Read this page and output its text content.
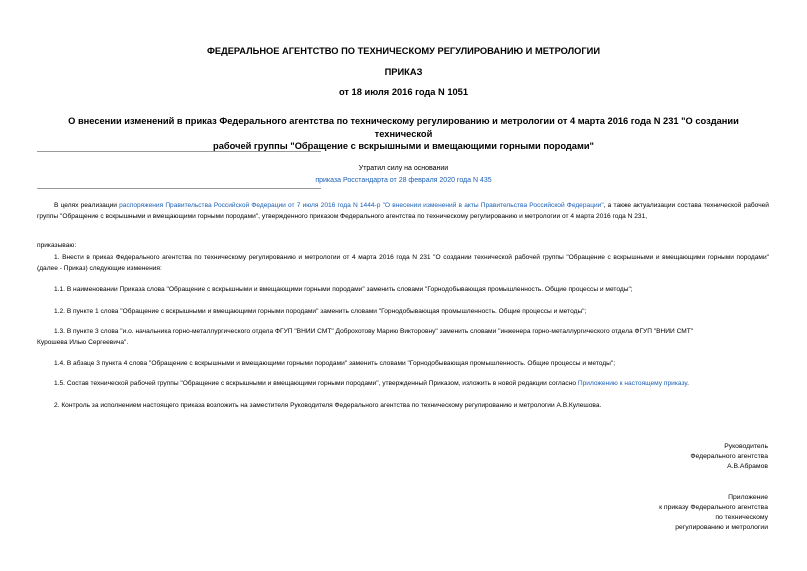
ФЕДЕРАЛЬНОЕ АГЕНТСТВО ПО ТЕХНИЧЕСКОМУ РЕГУЛИРОВАНИЮ И МЕТРОЛОГИИ
ПРИКАЗ
от 18 июля 2016 года N 1051
О внесении изменений в приказ Федерального агентства по техническому регулированию и метрологии от 4 марта 2016 года N 231 "О создании технической
рабочей группы "Обращение с вскрышными и вмещающими горными породами"
Утратил силу на основании
приказа Росстандарта от 28 февраля 2020 года N 435
В целях реализации распоряжения Правительства Российской Федерации от 7 июля 2016 года N 1444-р "О внесении изменений в акты Правительства Российской Федерации", а также актуализации состава технической рабочей группы "Обращение с вскрышными и вмещающими горными породами", утвержденного приказом Федерального агентства по техническому регулированию и метрологии от 4 марта 2016 года N 231,
приказываю:
1. Внести в приказ Федерального агентства по техническому регулированию и метрологии от 4 марта 2016 года N 231 "О создании технической рабочей группы "Обращение с вскрышными и вмещающими горными породами" (далее - Приказ) следующие изменения:
1.1. В наименовании Приказа слова "Обращение с вскрышными и вмещающими горными породами" заменить словами "Горнодобывающая промышленность. Общие процессы и методы";
1.2. В пункте 1 слова "Обращение с вскрышными и вмещающими горными породами" заменить словами "Горнодобывающая промышленность. Общие процессы и методы";
1.3. В пункте 3 слова "и.о. начальника горно-металлургического отдела ФГУП "ВНИИ СМТ" Доброхотову Марию Викторовну" заменить словами "инженера горно-металлургического отдела ФГУП "ВНИИ СМТ"
Курошева Илью Сергеевича".
1.4. В абзаце 3 пункта 4 слова "Обращение с вскрышными и вмещающими горными породами" заменить словами "Горнодобывающая промышленность. Общие процессы и методы";
1.5. Состав технической рабочей группы "Обращение с вскрышными и вмещающими горными породами", утвержденный Приказом, изложить в новой редакции согласно Приложению к настоящему приказу.
2. Контроль за исполнением настоящего приказа возложить на заместителя Руководителя Федерального агентства по техническому регулированию и метрологии А.В.Кулешова.
Руководитель
Федерального агентства
А.В.Абрамов
Приложение
к приказу Федерального агентства
по техническому
регулированию и метрологии
